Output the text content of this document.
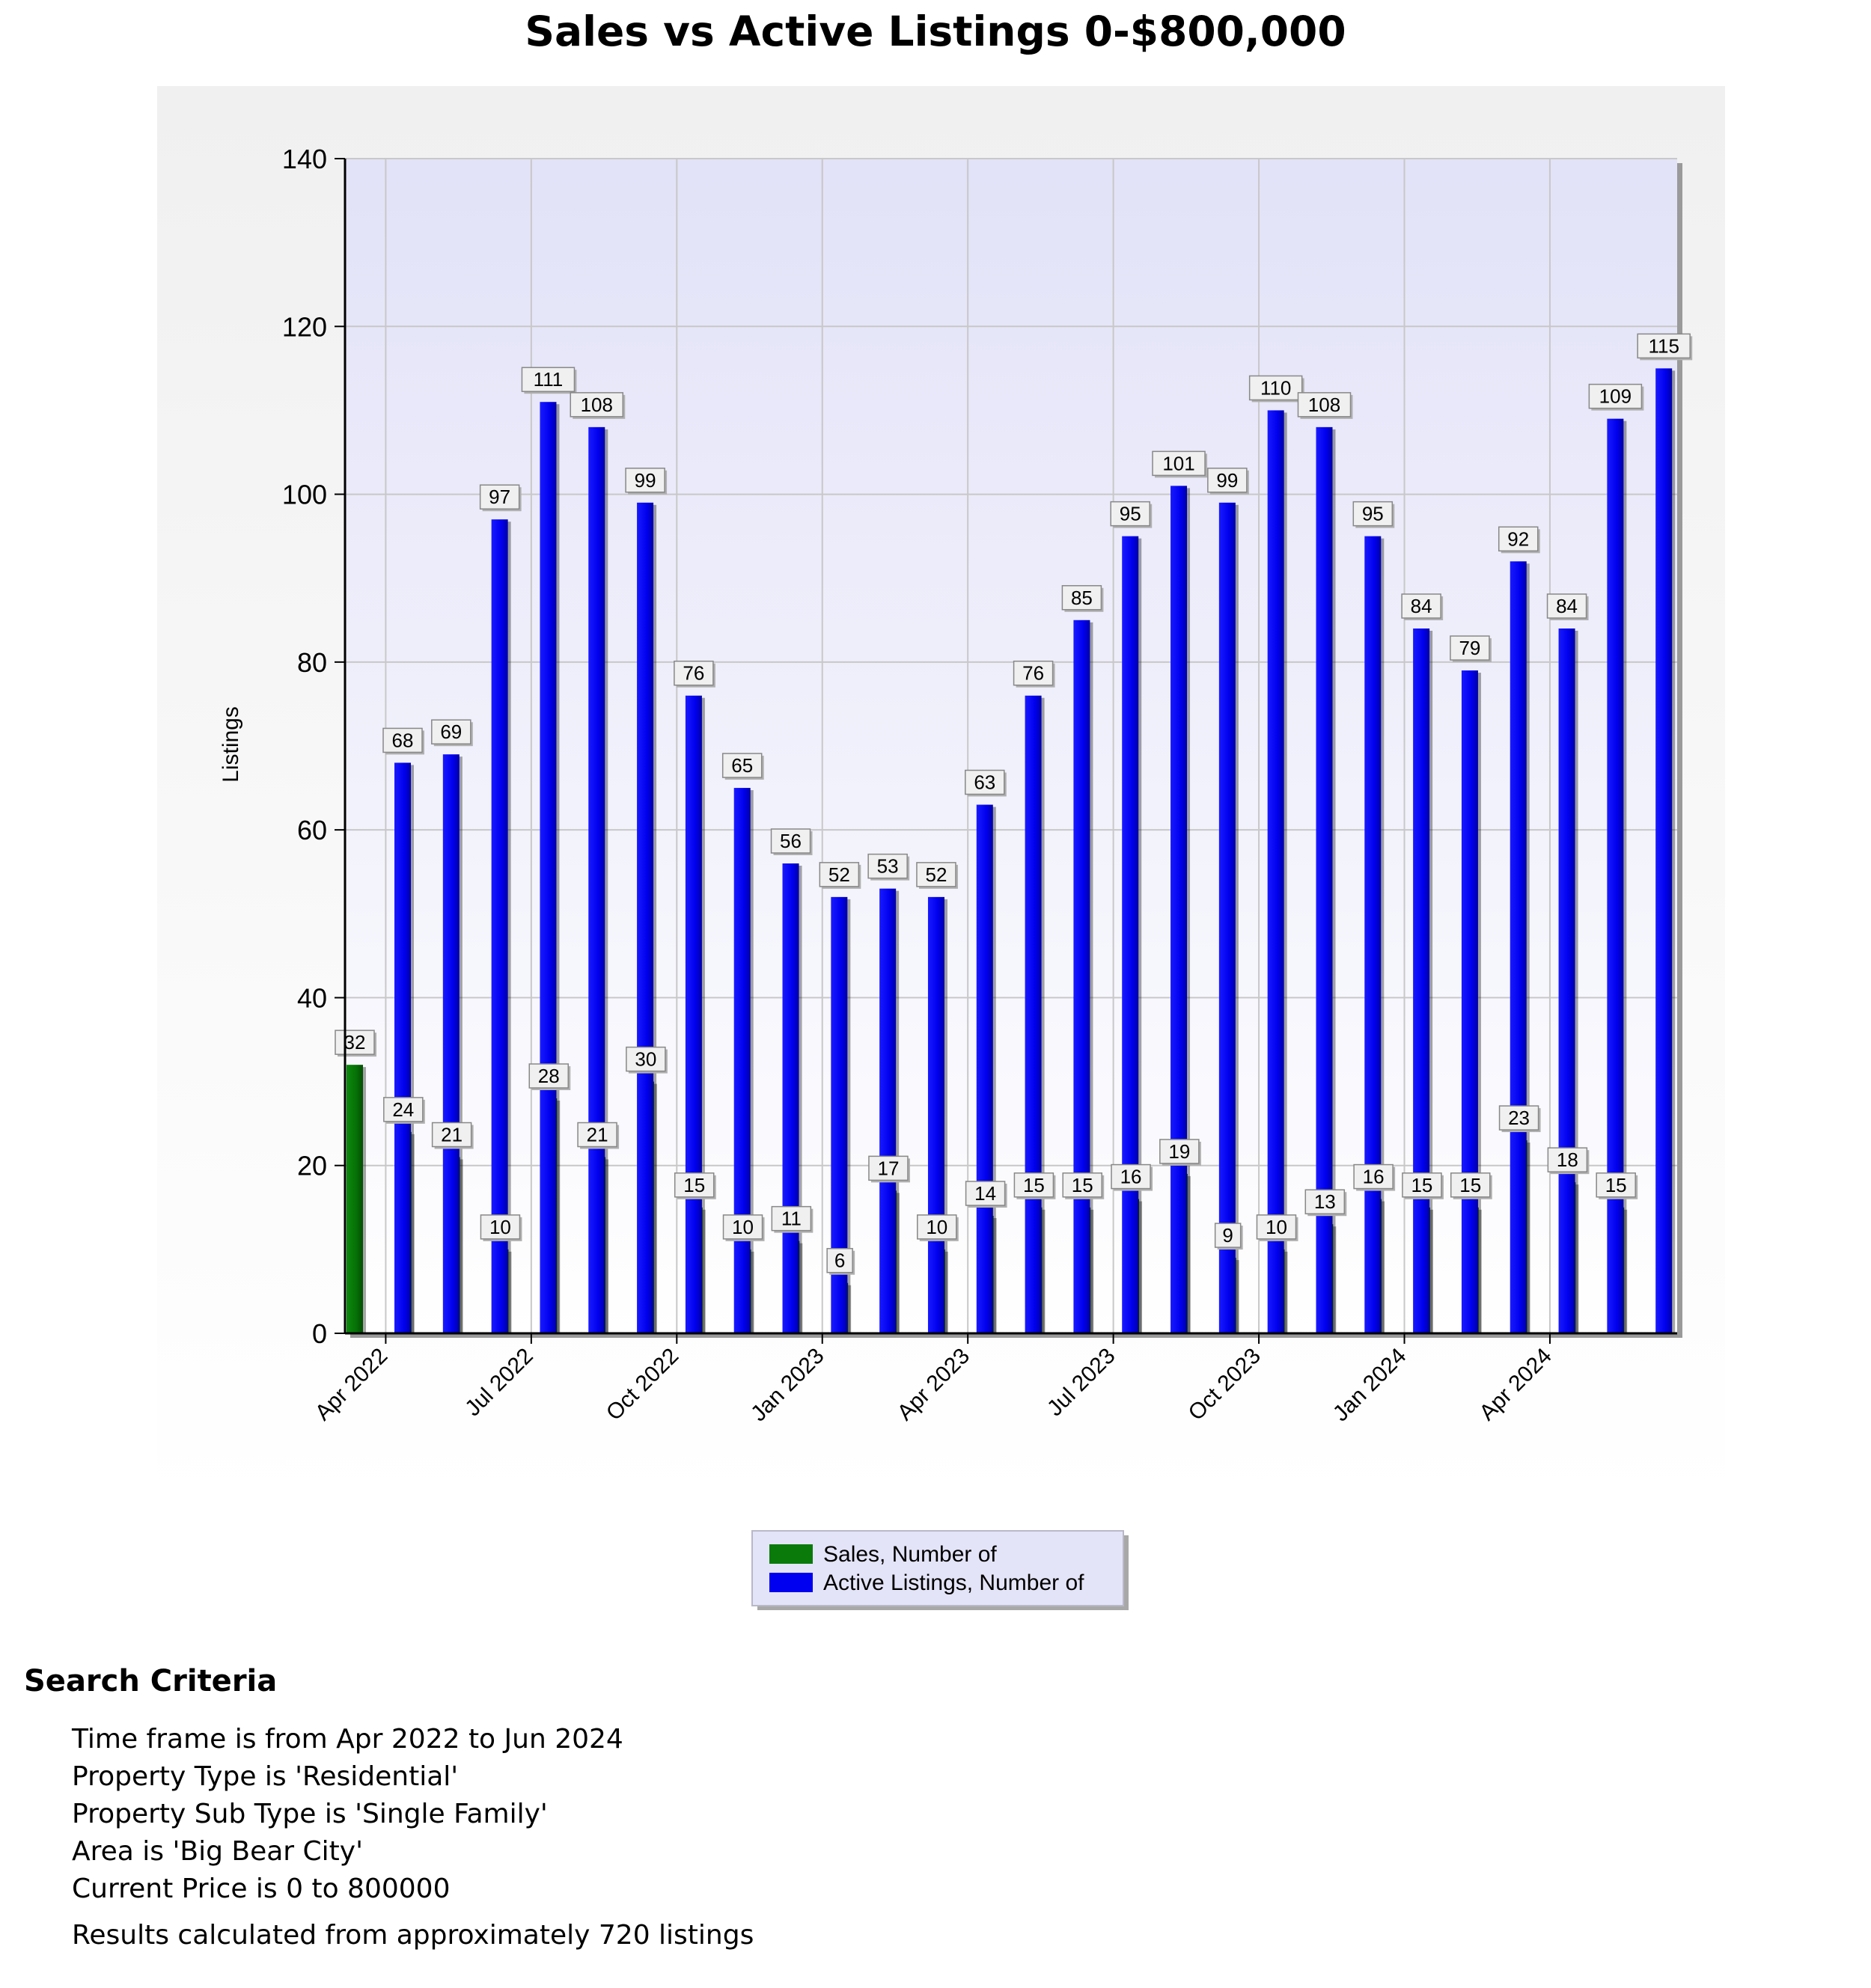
Sales vs Active Listings 0-$800,000
32
24
21
10
28
21
30
15
10 11
6
17
10
14 15 15 16
19
9 10
13
16 15 15
23
18
15
68 69
97
111
108
99
76
65
56
52 53 52
63
76
85
95
101
99
110
108
95
84
79
92
84
109
115
0
20
40
60
80
100
120
140
Apr 2022	Jul 2022	Oct 2022	Jan 2023	Apr 2023	Jul 2023	Oct 2023	Jan 2024	Apr 2024
Listings
Sales, Number of
Active Listings, Number of
Search Criteria
Time frame is from Apr 2022 to Jun 2024
Property Type is 'Residential'
Property Sub Type is 'Single Family'
Area is 'Big Bear City'
Current Price is 0 to 800000
Results calculated from approximately 720 listings
